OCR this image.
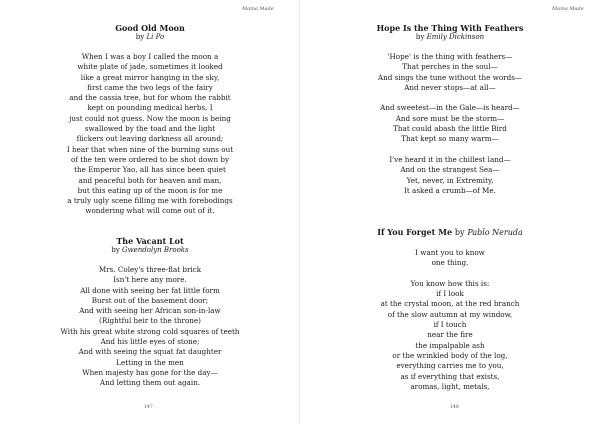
Mama Made
Good Old Moon
by Li Po
When I was a boy I called the moon a
white plate of jade, sometimes it looked
like a great mirror hanging in the sky,
first came the two legs of the fairy
and the cassia tree, but for whom the rabbit
kept on pounding medical herbs, I
just could not guess. Now the moon is being
swallowed by the toad and the light
flickers out leaving darkness all around;
I hear that when nine of the burning suns out
of the ten were ordered to be shot down by
the Emperor Yao, all has since been quiet
and peaceful both for heaven and man,
but this eating up of the moon is for me
a truly ugly scene filling me with forebodings
wondering what will come out of it.
The Vacant Lot
by Gwendolyn Brooks
Mrs. Coley's three-flat brick
Isn't here any more.
All done with seeing her fat little form
Burst out of the basement door;
And with seeing her African son-in-law
(Rightful heir to the throne)
With his great white strong cold squares of teeth
And his little eyes of stone;
And with seeing the squat fat daughter
Letting in the men
When majesty has gone for the day—
And letting them out again.
147
Mama Made
Hope Is the Thing With Feathers
by Emily Dickinson
'Hope' is the thing with feathers—
That perches in the soul—
And sings the tune without the words—
And never stops—at all—
And sweetest—in the Gale—is heard—
And sore must be the storm—
That could abash the little Bird
That kept so many warm—
I've heard it in the chillest land—
And on the strangest Sea—
Yet, never, in Extremity,
It asked a crumb—of Me.
If You Forget Me by Pablo Neruda
I want you to know
one thing.
You know how this is:
if I look
at the crystal moon, at the red branch
of the slow autumn at my window,
if I touch
near the fire
the impalpable ash
or the wrinkled body of the log,
everything carries me to you,
as if everything that exists,
aromas, light, metals,
148
